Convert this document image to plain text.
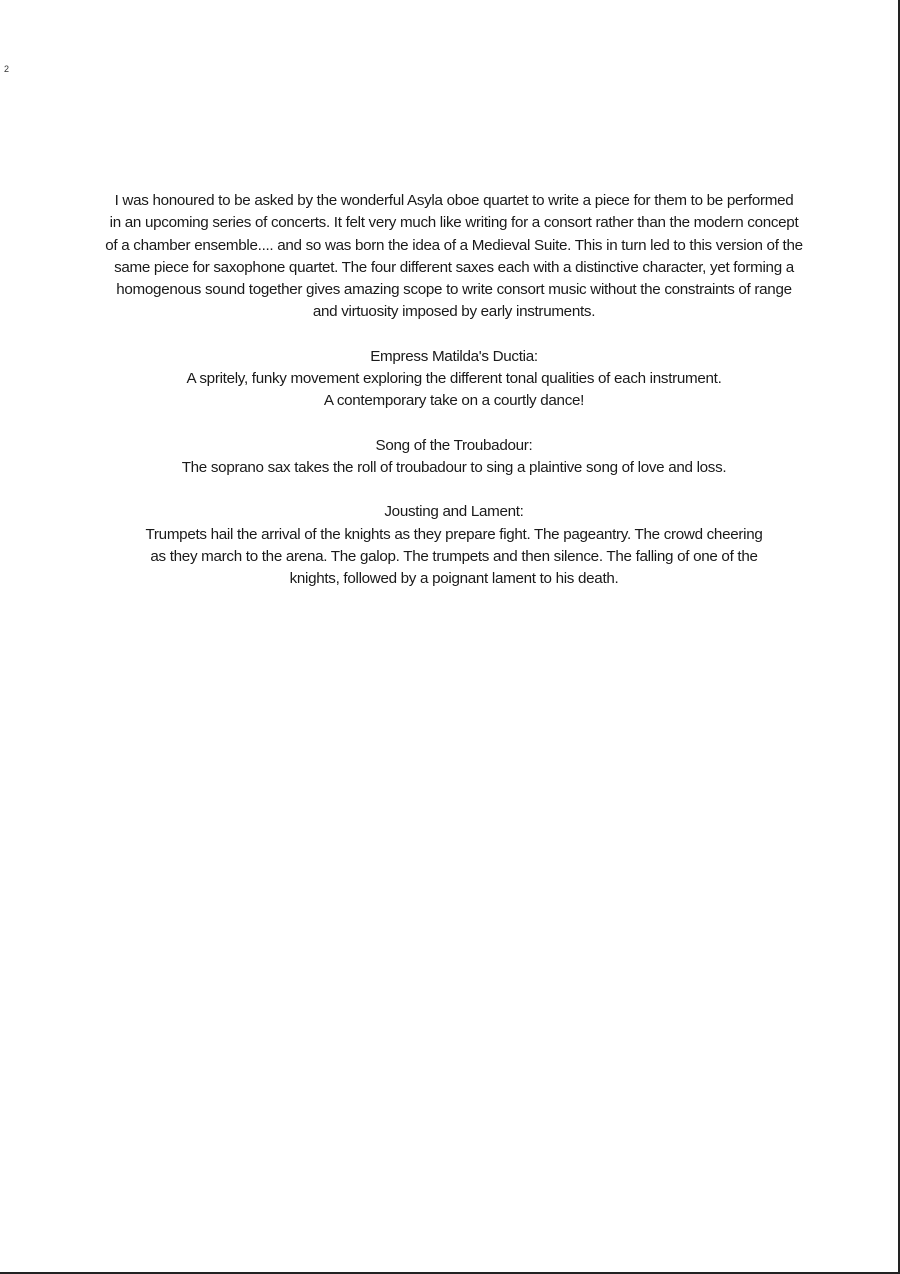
2

I was honoured to be asked by the wonderful Asyla oboe quartet to write a piece for them to be performed
in an upcoming series of concerts. It felt very much like writing for a consort rather than the modern concept
of a chamber ensemble.... and so was born the idea of a Medieval Suite. This in turn led to this version of the
same piece for saxophone quartet. The four different saxes each with a distinctive character, yet forming a
homogenous sound together gives amazing scope to write consort music without the constraints of range
and virtuosity imposed by early instruments.

Empress Matilda's Ductia:

A spritely, funky movement exploring the different tonal qualities of each instrument.
A contemporary take on a courtly dance!

Song of the Troubadour:

The soprano sax takes the roll of troubadour to sing a plaintive song of love and loss.

Jousting and Lament:

Trumpets hail the arrival of the knights as they prepare fight. The pageantry. The crowd cheering
as they march to the arena. The galop. The trumpets and then silence. The falling of one of the
knights, followed by a poignant lament to his death.
